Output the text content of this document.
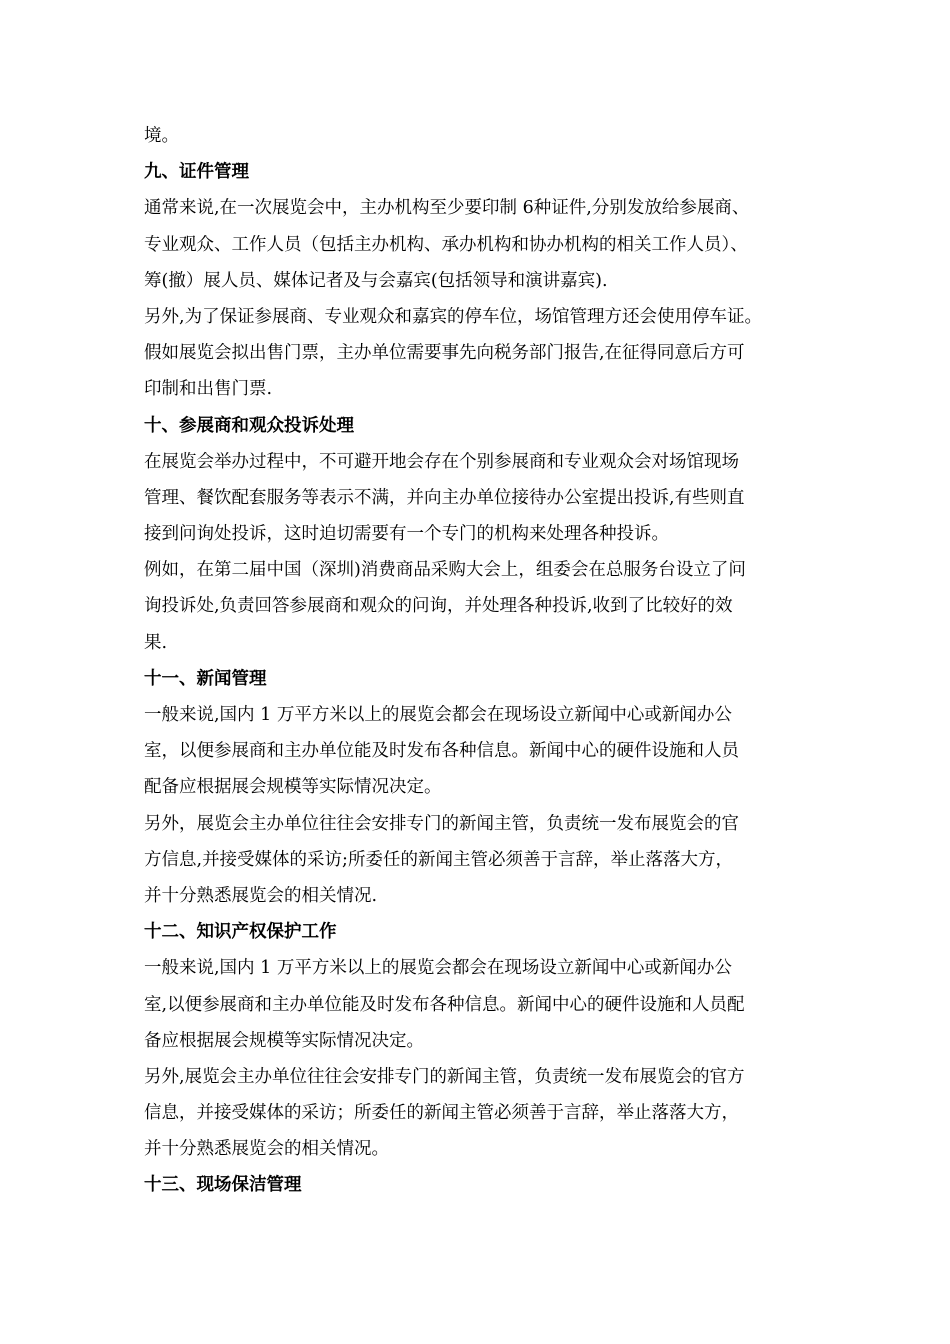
境。
九、证件管理
通常来说,在一次展览会中，主办机构至少要印制 6种证件,分别发放给参展商、
专业观众、工作人员（包括主办机构、承办机构和协办机构的相关工作人员）、
筹(撤）展人员、媒体记者及与会嘉宾(包括领导和演讲嘉宾).
另外,为了保证参展商、专业观众和嘉宾的停车位，场馆管理方还会使用停车证。
假如展览会拟出售门票，主办单位需要事先向税务部门报告,在征得同意后方可
印制和出售门票.
十、参展商和观众投诉处理
在展览会举办过程中，不可避开地会存在个别参展商和专业观众会对场馆现场
管理、餐饮配套服务等表示不满，并向主办单位接待办公室提出投诉,有些则直
接到问询处投诉，这时迫切需要有一个专门的机构来处理各种投诉。
例如，在第二届中国（深圳)消费商品采购大会上，组委会在总服务台设立了问
询投诉处,负责回答参展商和观众的问询，并处理各种投诉,收到了比较好的效
果.
十一、新闻管理
一般来说,国内 1 万平方米以上的展览会都会在现场设立新闻中心或新闻办公
室，以便参展商和主办单位能及时发布各种信息。新闻中心的硬件设施和人员
配备应根据展会规模等实际情况决定。
另外，展览会主办单位往往会安排专门的新闻主管，负责统一发布展览会的官
方信息,并接受媒体的采访;所委任的新闻主管必须善于言辞，举止落落大方，
并十分熟悉展览会的相关情况.
十二、知识产权保护工作
一般来说,国内 1 万平方米以上的展览会都会在现场设立新闻中心或新闻办公
室,以便参展商和主办单位能及时发布各种信息。新闻中心的硬件设施和人员配
备应根据展会规模等实际情况决定。
另外,展览会主办单位往往会安排专门的新闻主管，负责统一发布展览会的官方
信息，并接受媒体的采访；所委任的新闻主管必须善于言辞，举止落落大方，
并十分熟悉展览会的相关情况。
十三、现场保洁管理
